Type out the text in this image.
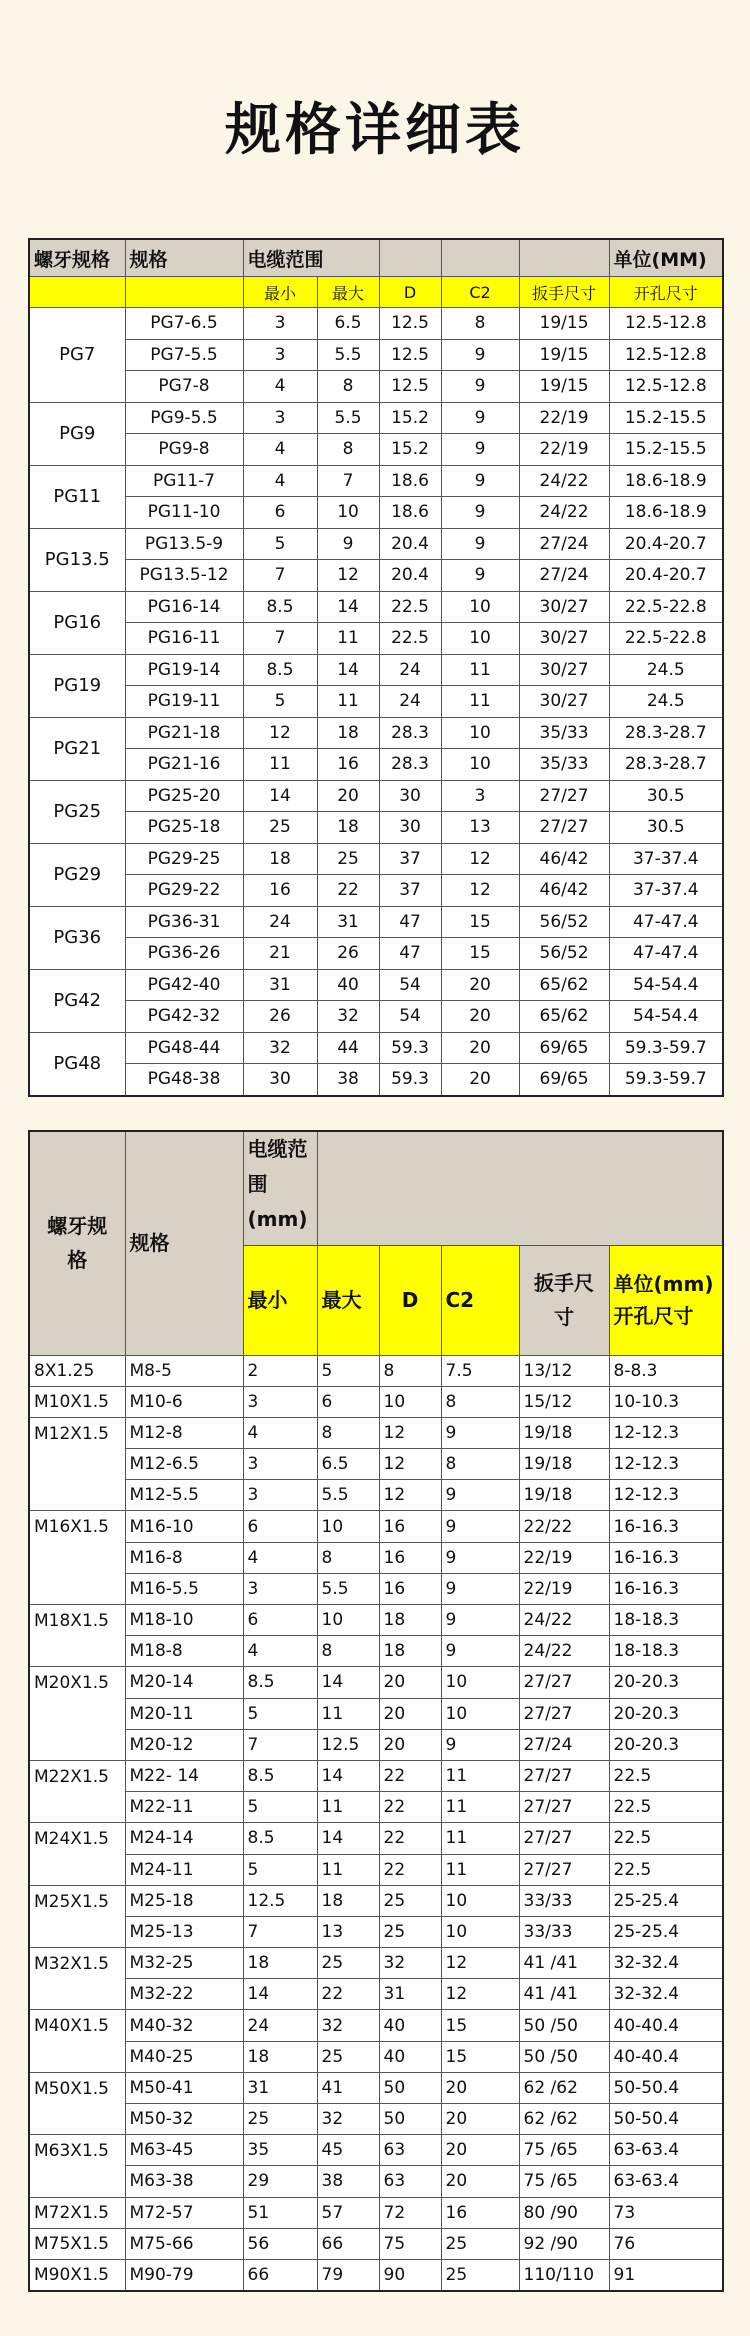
规格详细表
螺牙规格	规格	电缆范围					单位(MM)
		最小	最大	D	C2	扳手尺寸	开孔尺寸
PG7	PG7-6.5	3	6.5	12.5	8	19/15	12.5-12.8
	PG7-5.5	3	5.5	12.5	9	19/15	12.5-12.8
	PG7-8	4	8	12.5	9	19/15	12.5-12.8
PG9	PG9-5.5	3	5.5	15.2	9	22/19	15.2-15.5
	PG9-8	4	8	15.2	9	22/19	15.2-15.5
PG11	PG11-7	4	7	18.6	9	24/22	18.6-18.9
	PG11-10	6	10	18.6	9	24/22	18.6-18.9
PG13.5	PG13.5-9	5	9	20.4	9	27/24	20.4-20.7
	PG13.5-12	7	12	20.4	9	27/24	20.4-20.7
PG16	PG16-14	8.5	14	22.5	10	30/27	22.5-22.8
	PG16-11	7	11	22.5	10	30/27	22.5-22.8
PG19	PG19-14	8.5	14	24	11	30/27	24.5
	PG19-11	5	11	24	11	30/27	24.5
PG21	PG21-18	12	18	28.3	10	35/33	28.3-28.7
	PG21-16	11	16	28.3	10	35/33	28.3-28.7
PG25	PG25-20	14	20	30	3	27/27	30.5
	PG25-18	25	18	30	13	27/27	30.5
PG29	PG29-25	18	25	37	12	46/42	37-37.4
	PG29-22	16	22	37	12	46/42	37-37.4
PG36	PG36-31	24	31	47	15	56/52	47-47.4
	PG36-26	21	26	47	15	56/52	47-47.4
PG42	PG42-40	31	40	54	20	65/62	54-54.4
	PG42-32	26	32	54	20	65/62	54-54.4
PG48	PG48-44	32	44	59.3	20	69/65	59.3-59.7
	PG48-38	30	38	59.3	20	69/65	59.3-59.7
螺牙规格	规格	电缆范围(mm)					
		最小	最大	D	C2	扳手尺寸	单位(mm)开孔尺寸
8X1.25	M8-5	2	5	8	7.5	13/12	8-8.3
M10X1.5	M10-6	3	6	10	8	15/12	10-10.3
M12X1.5	M12-8	4	8	12	9	19/18	12-12.3
	M12-6.5	3	6.5	12	8	19/18	12-12.3
	M12-5.5	3	5.5	12	9	19/18	12-12.3
M16X1.5	M16-10	6	10	16	9	22/22	16-16.3
	M16-8	4	8	16	9	22/19	16-16.3
	M16-5.5	3	5.5	16	9	22/19	16-16.3
M18X1.5	M18-10	6	10	18	9	24/22	18-18.3
	M18-8	4	8	18	9	24/22	18-18.3
M20X1.5	M20-14	8.5	14	20	10	27/27	20-20.3
	M20-11	5	11	20	10	27/27	20-20.3
	M20-12	7	12.5	20	9	27/24	20-20.3
M22X1.5	M22- 14	8.5	14	22	11	27/27	22.5
	M22-11	5	11	22	11	27/27	22.5
M24X1.5	M24-14	8.5	14	22	11	27/27	22.5
	M24-11	5	11	22	11	27/27	22.5
M25X1.5	M25-18	12.5	18	25	10	33/33	25-25.4
	M25-13	7	13	25	10	33/33	25-25.4
M32X1.5	M32-25	18	25	32	12	41 /41	32-32.4
	M32-22	14	22	31	12	41 /41	32-32.4
M40X1.5	M40-32	24	32	40	15	50 /50	40-40.4
	M40-25	18	25	40	15	50 /50	40-40.4
M50X1.5	M50-41	31	41	50	20	62 /62	50-50.4
	M50-32	25	32	50	20	62 /62	50-50.4
M63X1.5	M63-45	35	45	63	20	75 /65	63-63.4
	M63-38	29	38	63	20	75 /65	63-63.4
M72X1.5	M72-57	51	57	72	16	80 /90	73
M75X1.5	M75-66	56	66	75	25	92 /90	76
M90X1.5	M90-79	66	79	90	25	110/110	91
